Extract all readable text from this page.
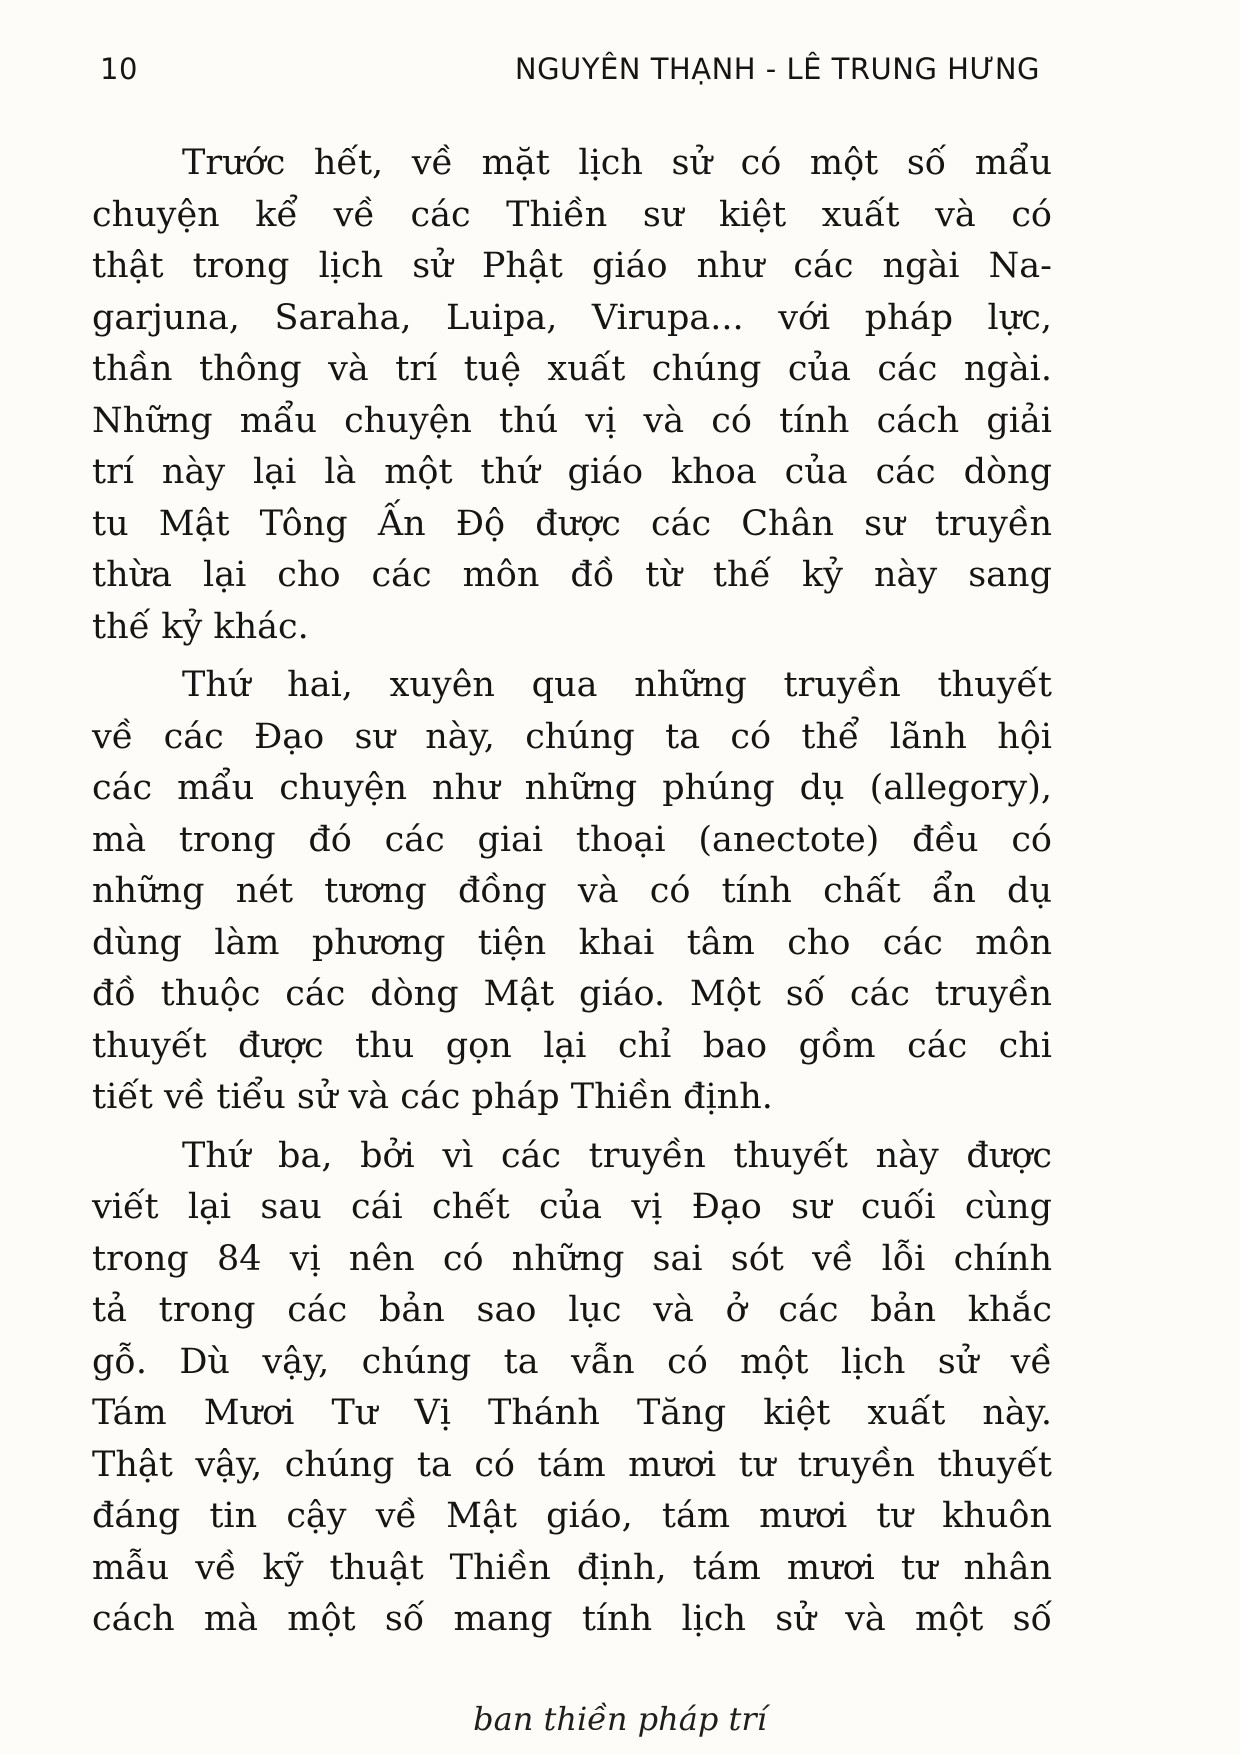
10	NGUYÊN THẠNH - LÊ TRUNG HƯNG
Trước hết, về mặt lịch sử có một số mẩu
chuyện kể về các Thiền sư kiệt xuất và có
thật trong lịch sử Phật giáo như các ngài Na-
garjuna, Saraha, Luipa, Virupa... với pháp lực,
thần thông và trí tuệ xuất chúng của các ngài.
Những mẩu chuyện thú vị và có tính cách giải
trí này lại là một thứ giáo khoa của các dòng
tu Mật Tông Ấn Độ được các Chân sư truyền
thừa lại cho các môn đồ từ thế kỷ này sang
thế kỷ khác.
Thứ hai, xuyên qua những truyền thuyết
về các Đạo sư này, chúng ta có thể lãnh hội
các mẩu chuyện như những phúng dụ (allegory),
mà trong đó các giai thoại (anectote) đều có
những nét tương đồng và có tính chất ẩn dụ
dùng làm phương tiện khai tâm cho các môn
đồ thuộc các dòng Mật giáo. Một số các truyền
thuyết được thu gọn lại chỉ bao gồm các chi
tiết về tiểu sử và các pháp Thiền định.
Thứ ba, bởi vì các truyền thuyết này được
viết lại sau cái chết của vị Đạo sư cuối cùng
trong 84 vị nên có những sai sót về lỗi chính
tả trong các bản sao lục và ở các bản khắc
gỗ. Dù vậy, chúng ta vẫn có một lịch sử về
Tám Mươi Tư Vị Thánh Tăng kiệt xuất này.
Thật vậy, chúng ta có tám mươi tư truyền thuyết
đáng tin cậy về Mật giáo, tám mươi tư khuôn
mẫu về kỹ thuật Thiền định, tám mươi tư nhân
cách mà một số mang tính lịch sử và một số
ban thiền pháp trí
